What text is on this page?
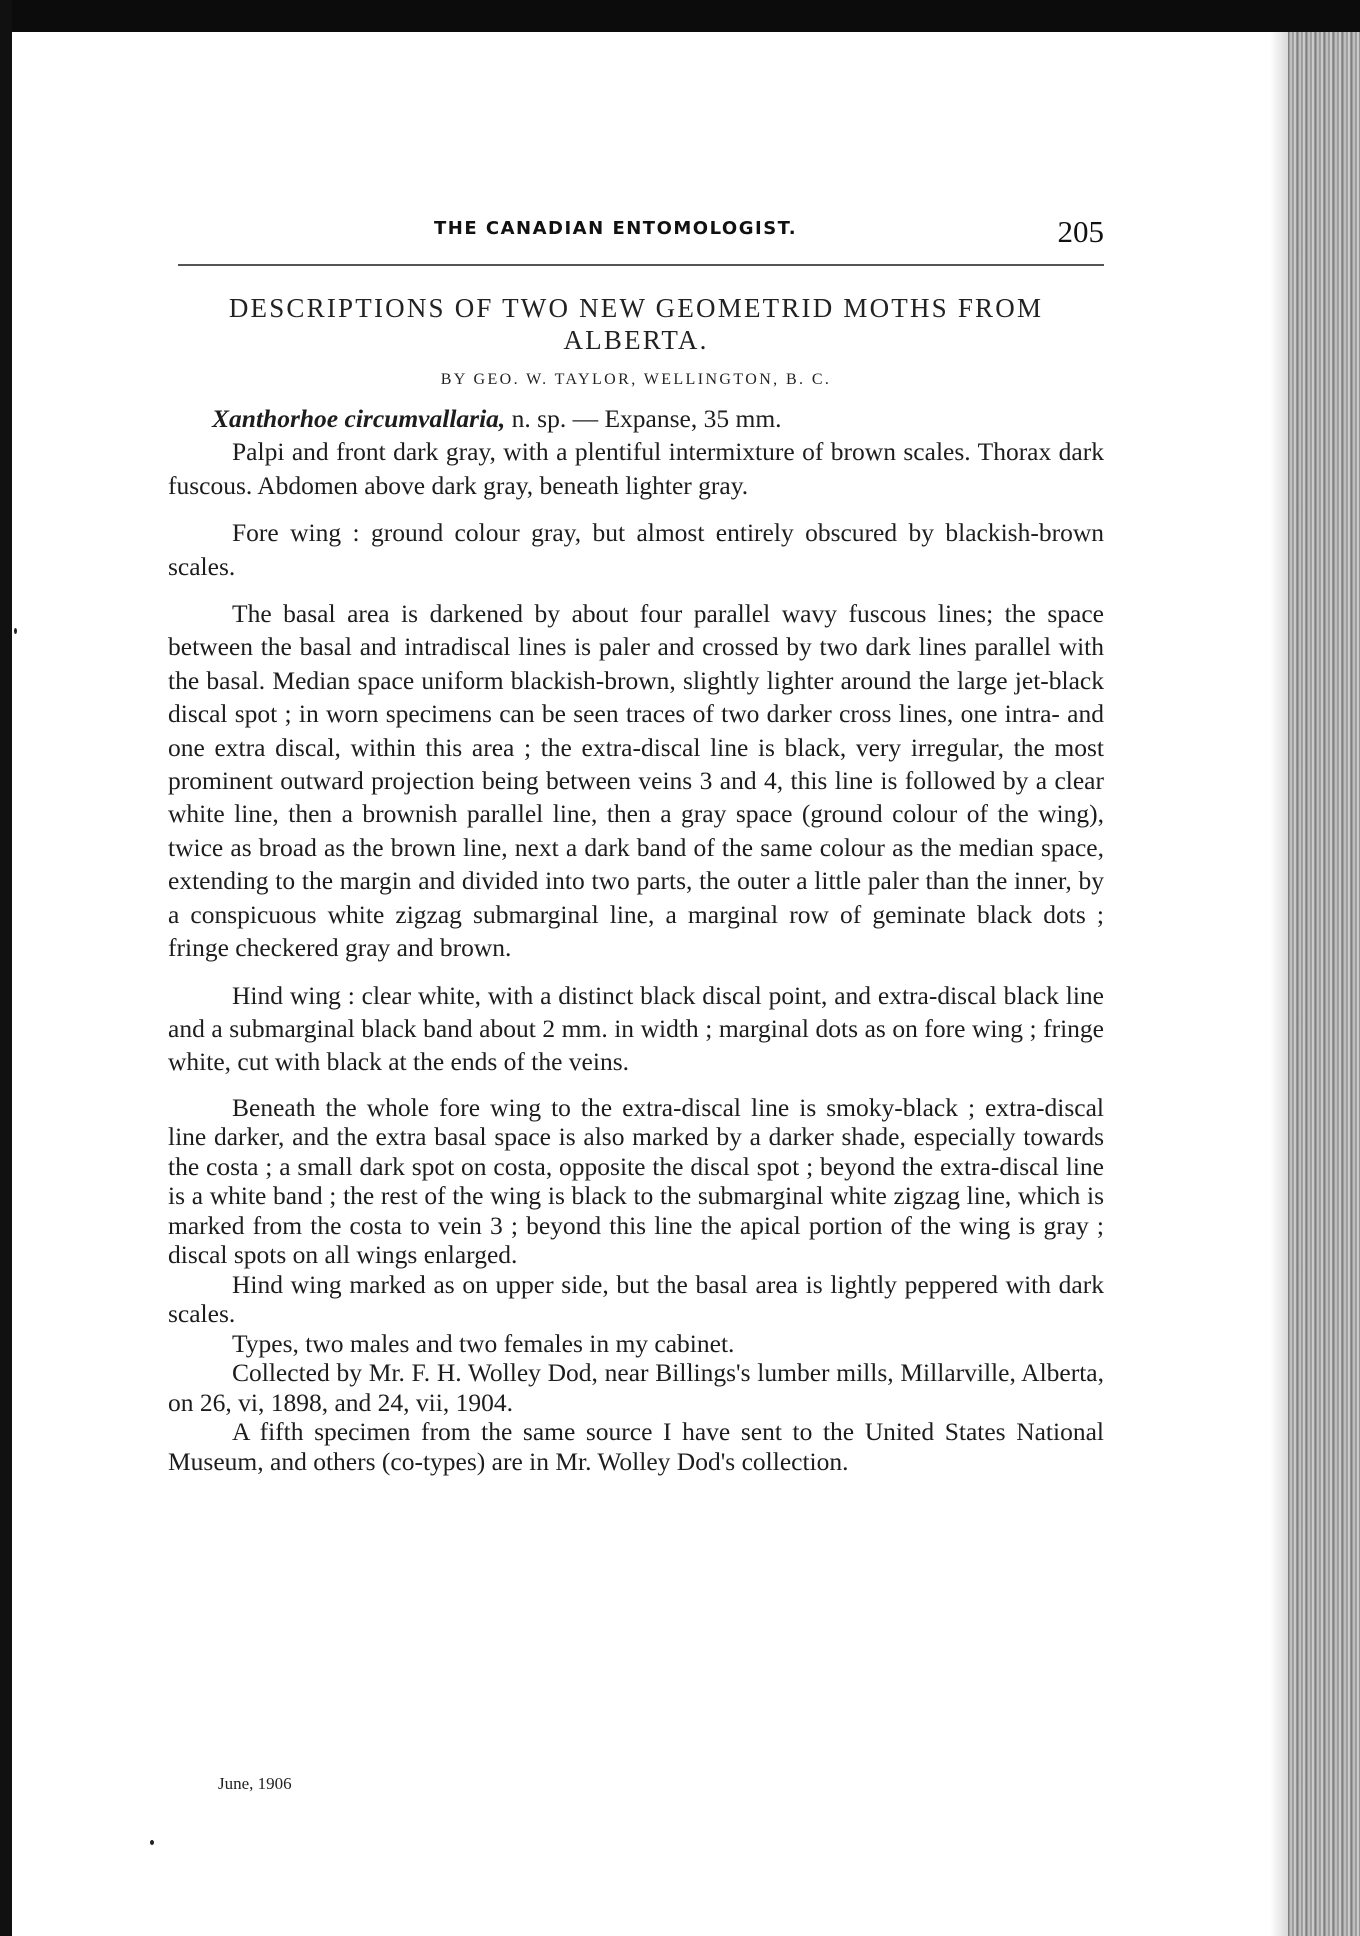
THE CANADIAN ENTOMOLOGIST.	205
DESCRIPTIONS OF TWO NEW GEOMETRID MOTHS FROM ALBERTA.
BY GEO. W. TAYLOR, WELLINGTON, B. C.

Xanthorhoe circumvallaria, n. sp. — Expanse, 35 mm.

Palpi and front dark gray, with a plentiful intermixture of brown scales. Thorax dark fuscous. Abdomen above dark gray, beneath lighter gray.

Fore wing : ground colour gray, but almost entirely obscured by blackish-brown scales.

The basal area is darkened by about four parallel wavy fuscous lines; the space between the basal and intradiscal lines is paler and crossed by two dark lines parallel with the basal. Median space uniform blackish-brown, slightly lighter around the large jet-black discal spot ; in worn specimens can be seen traces of two darker cross lines, one intra- and one extra discal, within this area ; the extra-discal line is black, very irregular, the most prominent outward projection being between veins 3 and 4, this line is followed by a clear white line, then a brownish parallel line, then a gray space (ground colour of the wing), twice as broad as the brown line, next a dark band of the same colour as the median space, extending to the margin and divided into two parts, the outer a little paler than the inner, by a conspicuous white zigzag submarginal line, a marginal row of geminate black dots ; fringe checkered gray and brown.

Hind wing : clear white, with a distinct black discal point, and extra-discal black line and a submarginal black band about 2 mm. in width ; marginal dots as on fore wing ; fringe white, cut with black at the ends of the veins.

Beneath the whole fore wing to the extra-discal line is smoky-black ; extra-discal line darker, and the extra basal space is also marked by a darker shade, especially towards the costa ; a small dark spot on costa, opposite the discal spot ; beyond the extra-discal line is a white band ; the rest of the wing is black to the submarginal white zigzag line, which is marked from the costa to vein 3 ; beyond this line the apical portion of the wing is gray ; discal spots on all wings enlarged.

Hind wing marked as on upper side, but the basal area is lightly peppered with dark scales.

Types, two males and two females in my cabinet.

Collected by Mr. F. H. Wolley Dod, near Billings's lumber mills, Millarville, Alberta, on 26, vi, 1898, and 24, vii, 1904.

A fifth specimen from the same source I have sent to the United States National Museum, and others (co-types) are in Mr. Wolley Dod's collection.

June, 1906
